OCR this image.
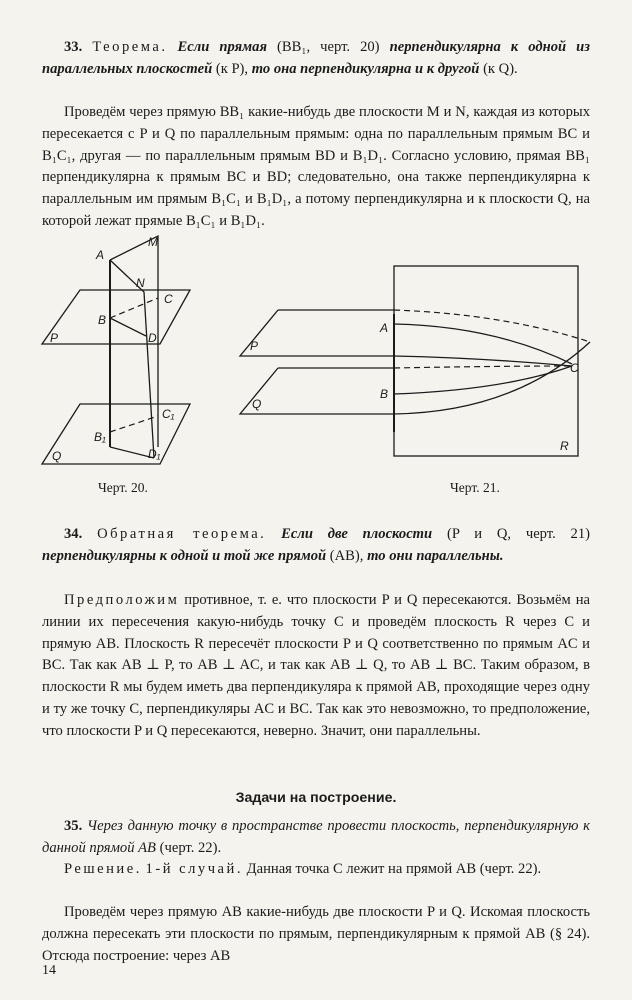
33. Теорема. Если прямая (BB₁, черт. 20) перпендикулярна к одной из параллельных плоскостей (к P), то она перпендикулярна и к другой (к Q).

Проведём через прямую BB₁ какие-нибудь две плоскости M и N, каждая из которых пересекается с P и Q по параллельным прямым: одна по параллельным прямым BC и B₁C₁, другая — по параллельным прямым BD и B₁D₁. Согласно условию, прямая BB₁ перпендикулярна к прямым BC и BD; следовательно, она также перпендикулярна к параллельным им прямым B₁C₁ и B₁D₁, а потому перпендикулярна и к плоскости Q, на которой лежат прямые B₁C₁ и B₁D₁.

A
M
N
C
B
P	D
C₁
B₁
D₁
Q
Черт. 20.
A
P
C
B
Q
R
Черт. 21.

34. Обратная теорема. Если две плоскости (P и Q, черт. 21) перпендикулярны к одной и той же прямой (AB), то они параллельны.

Предположим противное, т. е. что плоскости P и Q пересекаются. Возьмём на линии их пересечения какую-нибудь точку C и проведём плоскость R через C и прямую AB. Плоскость R пересечёт плоскости P и Q соответственно по прямым AC и BC. Так как AB ⊥ P, то AB ⊥ AC, и так как AB ⊥ Q, то AB ⊥ BC. Таким образом, в плоскости R мы будем иметь два перпендикуляра к прямой AB, проходящие через одну и ту же точку C, перпендикуляры AC и BC. Так как это невозможно, то предположение, что плоскости P и Q пересекаются, неверно. Значит, они параллельны.

Задачи на построение.

35. Через данную точку в пространстве провести плоскость, перпендикулярную к данной прямой AB (черт. 22).

Решение. 1-й случай. Данная точка C лежит на прямой AB (черт. 22).

Проведём через прямую AB какие-нибудь две плоскости P и Q. Искомая плоскость должна пересекать эти плоскости по прямым, перпендикулярным к прямой AB (§ 24). Отсюда построение: через AB

14
